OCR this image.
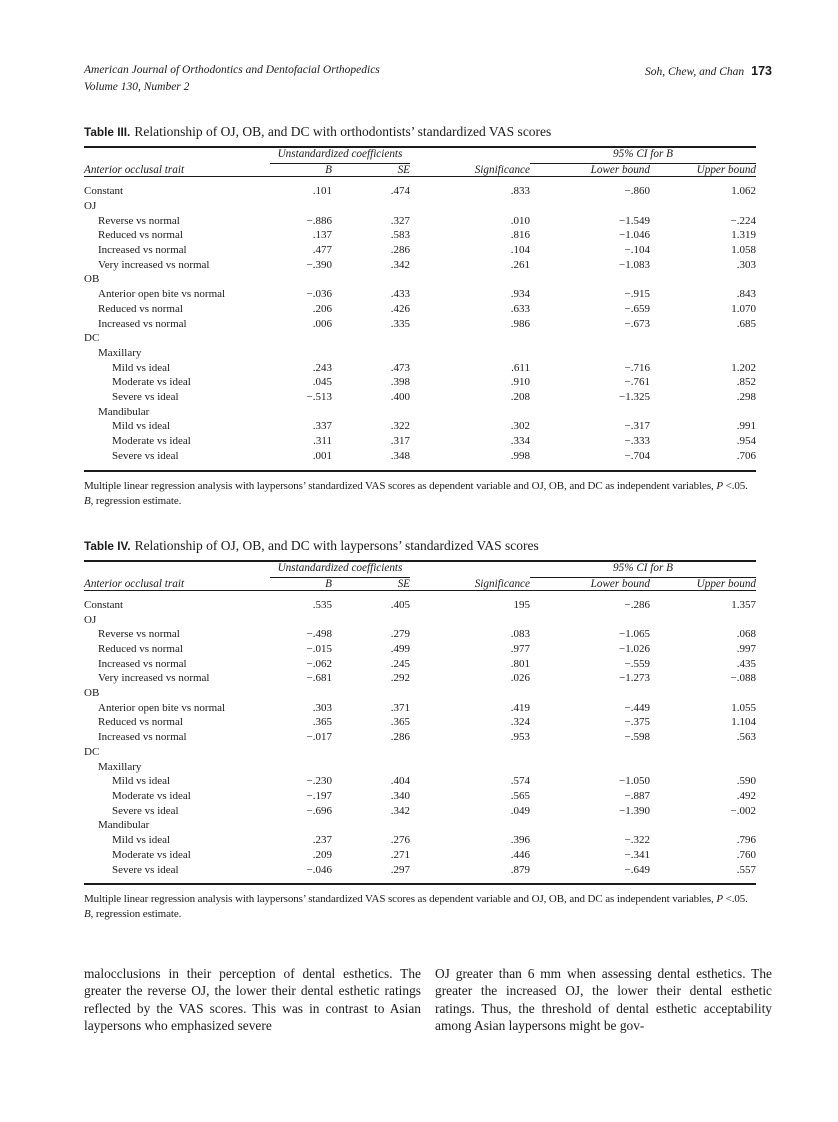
American Journal of Orthodontics and Dentofacial Orthopedics
Volume 130, Number 2
Soh, Chew, and Chan 173
Table III. Relationship of OJ, OB, and DC with orthodontists’ standardized VAS scores

	Unstandardized coefficients			95% CI for B	

Anterior occlusal trait	B	SE	Significance	Lower bound	Upper bound
Constant	.101	.474	.833	−.860	1.062
OJ					
Reverse vs normal	−.886	.327	.010	−1.549	−.224
Reduced vs normal	.137	.583	.816	−1.046	1.319
Increased vs normal	.477	.286	.104	−.104	1.058
Very increased vs normal	−.390	.342	.261	−1.083	.303
OB					
Anterior open bite vs normal	−.036	.433	.934	−.915	.843
Reduced vs normal	.206	.426	.633	−.659	1.070
Increased vs normal	.006	.335	.986	−.673	.685
DC					
Maxillary					
Mild vs ideal	.243	.473	.611	−.716	1.202
Moderate vs ideal	.045	.398	.910	−.761	.852
Severe vs ideal	−.513	.400	.208	−1.325	.298
Mandibular					
Mild vs ideal	.337	.322	.302	−.317	.991
Moderate vs ideal	.311	.317	.334	−.333	.954
Severe vs ideal	.001	.348	.998	−.704	.706
Multiple linear regression analysis with laypersons’ standardized VAS scores as dependent variable and OJ, OB, and DC as independent variables, P <.05.
B, regression estimate.
Table IV. Relationship of OJ, OB, and DC with laypersons’ standardized VAS scores

	Unstandardized coefficients			95% CI for B	

Anterior occlusal trait	B	SE	Significance	Lower bound	Upper bound
Constant	.535	.405	195	−.286	1.357
OJ					
Reverse vs normal	−.498	.279	.083	−1.065	.068
Reduced vs normal	−.015	.499	.977	−1.026	.997
Increased vs normal	−.062	.245	.801	−.559	.435
Very increased vs normal	−.681	.292	.026	−1.273	−.088
OB					
Anterior open bite vs normal	.303	.371	.419	−.449	1.055
Reduced vs normal	.365	.365	.324	−.375	1.104
Increased vs normal	−.017	.286	.953	−.598	.563
DC					
Maxillary					
Mild vs ideal	−.230	.404	.574	−1.050	.590
Moderate vs ideal	−.197	.340	.565	−.887	.492
Severe vs ideal	−.696	.342	.049	−1.390	−.002
Mandibular					
Mild vs ideal	.237	.276	.396	−.322	.796
Moderate vs ideal	.209	.271	.446	−.341	.760
Severe vs ideal	−.046	.297	.879	−.649	.557
Multiple linear regression analysis with laypersons’ standardized VAS scores as dependent variable and OJ, OB, and DC as independent variables, P <.05.
B, regression estimate.
malocclusions in their perception of dental esthetics. The greater the reverse OJ, the lower their dental esthetic ratings reflected by the VAS scores. This was in contrast to Asian laypersons who emphasized severe
OJ greater than 6 mm when assessing dental esthetics. The greater the increased OJ, the lower their dental esthetic ratings. Thus, the threshold of dental esthetic acceptability among Asian laypersons might be gov-
